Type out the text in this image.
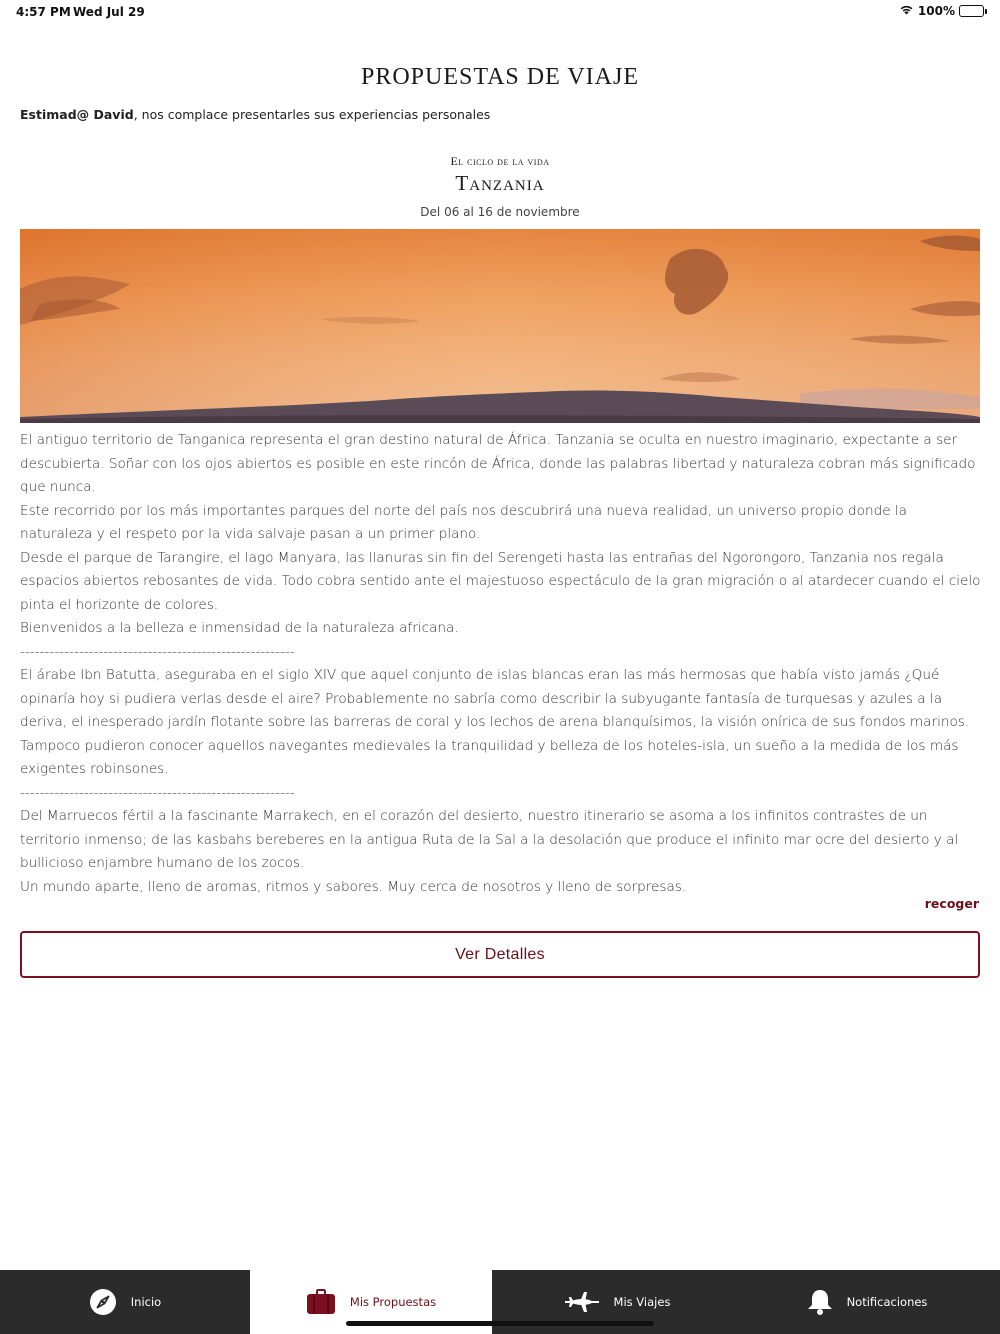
4:57 PM Wed Jul 29	100%
PROPUESTAS DE VIAJE
Estimad@ David, nos complace presentarles sus experiencias personales
El ciclo de la vida
Tanzania
Del 06 al 16 de noviembre

El antiguo territorio de Tanganica representa el gran destino natural de África. Tanzania se oculta en nuestro imaginario, expectante a ser descubierta. Soñar con los ojos abiertos es posible en este rincón de África, donde las palabras libertad y naturaleza cobran más significado que nunca.

Este recorrido por los más importantes parques del norte del país nos descubrirá una nueva realidad, un universo propio donde la naturaleza y el respeto por la vida salvaje pasan a un primer plano.

Desde el parque de Tarangire, el lago Manyara, las llanuras sin fin del Serengeti hasta las entrañas del Ngorongoro, Tanzania nos regala espacios abiertos rebosantes de vida. Todo cobra sentido ante el majestuoso espectáculo de la gran migración o al atardecer cuando el cielo pinta el horizonte de colores.

Bienvenidos a la belleza e inmensidad de la naturaleza africana.

--------------------------------------------------------

El árabe Ibn Batutta, aseguraba en el siglo XIV que aquel conjunto de islas blancas eran las más hermosas que había visto jamás ¿Qué opinaría hoy si pudiera verlas desde el aire? Probablemente no sabría como describir la subyugante fantasía de turquesas y azules a la deriva, el inesperado jardín flotante sobre las barreras de coral y los lechos de arena blanquísimos, la visión onírica de sus fondos marinos. Tampoco pudieron conocer aquellos navegantes medievales la tranquilidad y belleza de los hoteles-isla, un sueño a la medida de los más exigentes robinsones.

--------------------------------------------------------

Del Marruecos fértil a la fascinante Marrakech, en el corazón del desierto, nuestro itinerario se asoma a los infinitos contrastes de un territorio inmenso; de las kasbahs bereberes en la antigua Ruta de la Sal a la desolación que produce el infinito mar ocre del desierto y al bullicioso enjambre humano de los zocos.

Un mundo aparte, lleno de aromas, ritmos y sabores. Muy cerca de nosotros y lleno de sorpresas.

recoger
Ver Detalles
Inicio	Mis Propuestas	Mis Viajes	Notificaciones
